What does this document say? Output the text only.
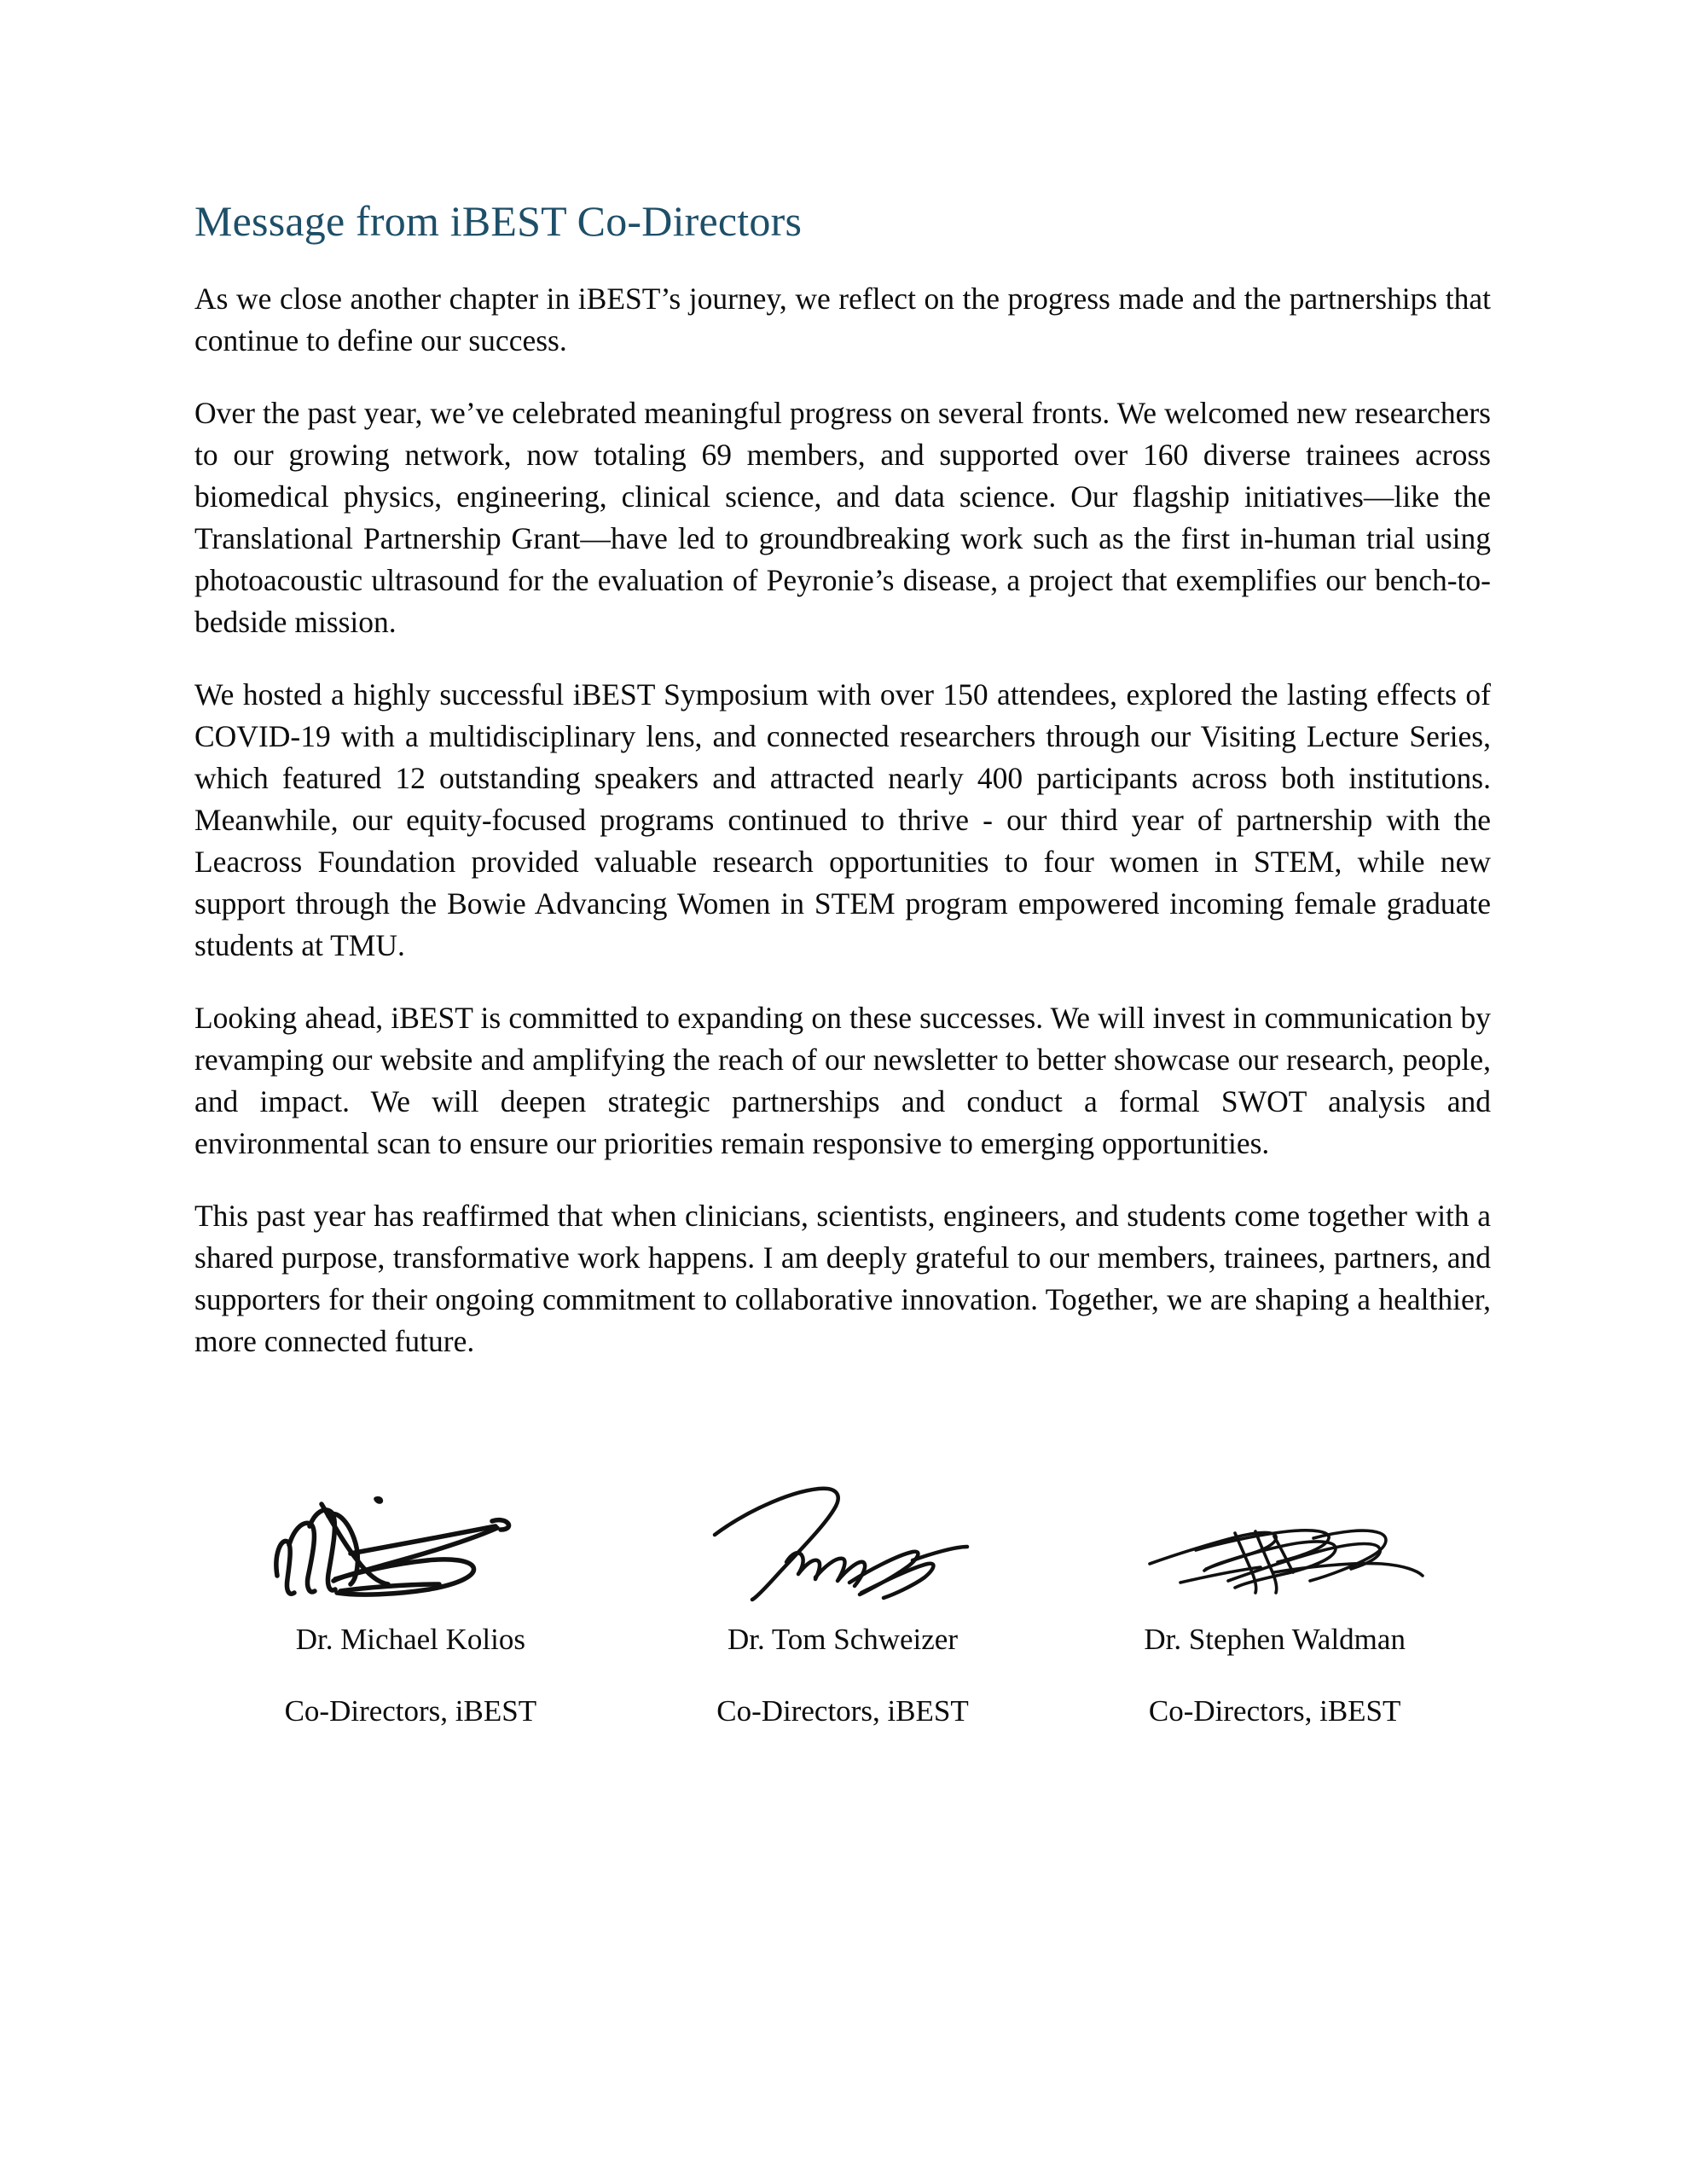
Message from iBEST Co-Directors

As we close another chapter in iBEST’s journey, we reflect on the progress made and the partnerships that continue to define our success.

Over the past year, we’ve celebrated meaningful progress on several fronts. We welcomed new researchers to our growing network, now totaling 69 members, and supported over 160 diverse trainees across biomedical physics, engineering, clinical science, and data science. Our flagship initiatives—like the Translational Partnership Grant—have led to groundbreaking work such as the first in-human trial using photoacoustic ultrasound for the evaluation of Peyronie’s disease, a project that exemplifies our bench-to-bedside mission.

We hosted a highly successful iBEST Symposium with over 150 attendees, explored the lasting effects of COVID-19 with a multidisciplinary lens, and connected researchers through our Visiting Lecture Series, which featured 12 outstanding speakers and attracted nearly 400 participants across both institutions. Meanwhile, our equity-focused programs continued to thrive - our third year of partnership with the Leacross Foundation provided valuable research opportunities to four women in STEM, while new support through the Bowie Advancing Women in STEM program empowered incoming female graduate students at TMU.

Looking ahead, iBEST is committed to expanding on these successes. We will invest in communication by revamping our website and amplifying the reach of our newsletter to better showcase our research, people, and impact. We will deepen strategic partnerships and conduct a formal SWOT analysis and environmental scan to ensure our priorities remain responsive to emerging opportunities.

This past year has reaffirmed that when clinicians, scientists, engineers, and students come together with a shared purpose, transformative work happens. I am deeply grateful to our members, trainees, partners, and supporters for their ongoing commitment to collaborative innovation. Together, we are shaping a healthier, more connected future.

Dr. Michael Kolios
Co-Directors, iBEST
Dr. Tom Schweizer
Co-Directors, iBEST
Dr. Stephen Waldman
Co-Directors, iBEST
